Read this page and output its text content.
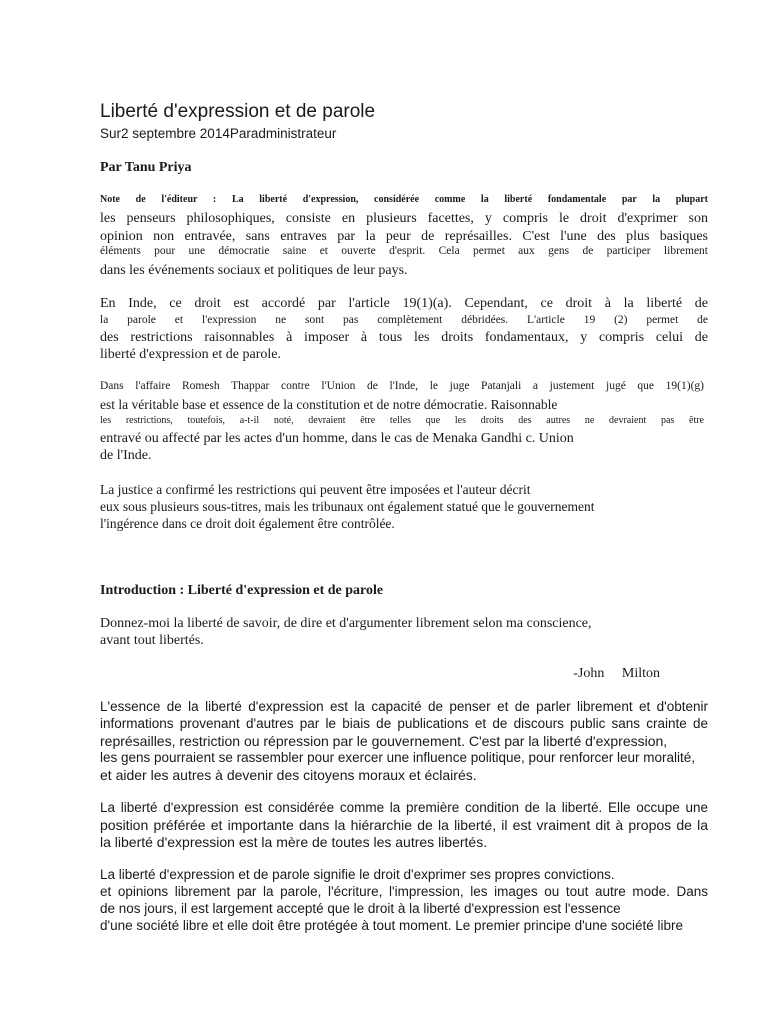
Liberté d'expression et de parole
Sur2 septembre 2014Paradministrateur
Par Tanu Priya
Note de l'éditeur : La liberté d'expression, considérée comme la liberté fondamentale par la plupart
les penseurs philosophiques, consiste en plusieurs facettes, y compris le droit d'exprimer son
opinion non entravée, sans entraves par la peur de représailles. C'est l'une des plus basiques
éléments pour une démocratie saine et ouverte d'esprit. Cela permet aux gens de participer librement
dans les événements sociaux et politiques de leur pays.
En Inde, ce droit est accordé par l'article 19(1)(a). Cependant, ce droit à la liberté de
la parole et l'expression ne sont pas complètement débridées. L'article 19 (2) permet de
des restrictions raisonnables à imposer à tous les droits fondamentaux, y compris celui de
liberté d'expression et de parole.
Dans l'affaire Romesh Thappar contre l'Union de l'Inde, le juge Patanjali a justement jugé que 19(1)(g)
est la véritable base et essence de la constitution et de notre démocratie. Raisonnable
les restrictions, toutefois, a-t-il noté, devraient être telles que les droits des autres ne devraient pas être
entravé ou affecté par les actes d'un homme, dans le cas de Menaka Gandhi c. Union
de l'Inde.
La justice a confirmé les restrictions qui peuvent être imposées et l'auteur décrit
eux sous plusieurs sous-titres, mais les tribunaux ont également statué que le gouvernement
l'ingérence dans ce droit doit également être contrôlée.
Introduction : Liberté d'expression et de parole
Donnez-moi la liberté de savoir, de dire et d'argumenter librement selon ma conscience,
avant tout libertés.
-John     Milton
L'essence de la liberté d'expression est la capacité de penser et de parler librement et d'obtenir
informations provenant d'autres par le biais de publications et de discours public sans crainte de
représailles, restriction ou répression par le gouvernement. C'est par la liberté d'expression,
les gens pourraient se rassembler pour exercer une influence politique, pour renforcer leur moralité,
et aider les autres à devenir des citoyens moraux et éclairés.
La liberté d'expression est considérée comme la première condition de la liberté. Elle occupe une
position préférée et importante dans la hiérarchie de la liberté, il est vraiment dit à propos de la
la liberté d'expression est la mère de toutes les autres libertés.
La liberté d'expression et de parole signifie le droit d'exprimer ses propres convictions.
et opinions librement par la parole, l'écriture, l'impression, les images ou tout autre mode. Dans
de nos jours, il est largement accepté que le droit à la liberté d'expression est l'essence
d'une société libre et elle doit être protégée à tout moment. Le premier principe d'une société libre
